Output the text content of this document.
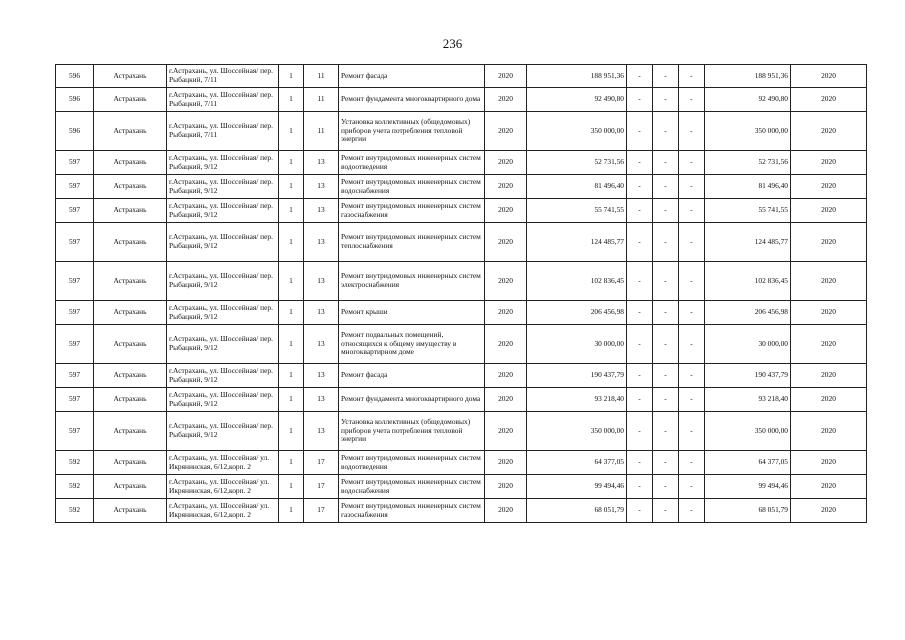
236
596	Астрахань	г.Астрахань, ул. Шоссейная/ пер. Рыбацкий, 7/11	1	11	Ремонт фасада	2020	188 951,36	-	-	-	188 951,36	2020
596	Астрахань	г.Астрахань, ул. Шоссейная/ пер. Рыбацкий, 7/11	1	11	Ремонт фундамента многоквартирного дома	2020	92 490,80	-	-	-	92 490,80	2020
596	Астрахань	г.Астрахань, ул. Шоссейная/ пер. Рыбацкий, 7/11	1	11	Установка коллективных (общедомовых) приборов учета потребления тепловой энергии	2020	350 000,00	-	-	-	350 000,00	2020
597	Астрахань	г.Астрахань, ул. Шоссейная/ пер. Рыбацкий, 9/12	1	13	Ремонт внутридомовых инженерных систем водоотведения	2020	52 731,56	-	-	-	52 731,56	2020
597	Астрахань	г.Астрахань, ул. Шоссейная/ пер. Рыбацкий, 9/12	1	13	Ремонт внутридомовых инженерных систем водоснабжения	2020	81 496,40	-	-	-	81 496,40	2020
597	Астрахань	г.Астрахань, ул. Шоссейная/ пер. Рыбацкий, 9/12	1	13	Ремонт внутридомовых инженерных систем газоснабжения	2020	55 741,55	-	-	-	55 741,55	2020
597	Астрахань	г.Астрахань, ул. Шоссейная/ пер. Рыбацкий, 9/12	1	13	Ремонт внутридомовых инженерных систем теплоснабжения	2020	124 485,77	-	-	-	124 485,77	2020
597	Астрахань	г.Астрахань, ул. Шоссейная/ пер. Рыбацкий, 9/12	1	13	Ремонт внутридомовых инженерных систем электроснабжения	2020	102 836,45	-	-	-	102 836,45	2020
597	Астрахань	г.Астрахань, ул. Шоссейная/ пер. Рыбацкий, 9/12	1	13	Ремонт крыши	2020	206 456,98	-	-	-	206 456,98	2020
597	Астрахань	г.Астрахань, ул. Шоссейная/ пер. Рыбацкий, 9/12	1	13	Ремонт подвальных помещений, относящихся к общему имуществу в многоквартирном доме	2020	30 000,00	-	-	-	30 000,00	2020
597	Астрахань	г.Астрахань, ул. Шоссейная/ пер. Рыбацкий, 9/12	1	13	Ремонт фасада	2020	190 437,79	-	-	-	190 437,79	2020
597	Астрахань	г.Астрахань, ул. Шоссейная/ пер. Рыбацкий, 9/12	1	13	Ремонт фундамента многоквартирного дома	2020	93 218,40	-	-	-	93 218,40	2020
597	Астрахань	г.Астрахань, ул. Шоссейная/ пер. Рыбацкий, 9/12	1	13	Установка коллективных (общедомовых) приборов учета потребления тепловой энергии	2020	350 000,00	-	-	-	350 000,00	2020
592	Астрахань	г.Астрахань, ул. Шоссейная/ ул. Икрянинская, 6/12,корп. 2	1	17	Ремонт внутридомовых инженерных систем водоотведения	2020	64 377,05	-	-	-	64 377,05	2020
592	Астрахань	г.Астрахань, ул. Шоссейная/ ул. Икрянинская, 6/12,корп. 2	1	17	Ремонт внутридомовых инженерных систем водоснабжения	2020	99 494,46	-	-	-	99 494,46	2020
592	Астрахань	г.Астрахань, ул. Шоссейная/ ул. Икрянинская, 6/12,корп. 2	1	17	Ремонт внутридомовых инженерных систем газоснабжения	2020	68 051,79	-	-	-	68 051,79	2020
